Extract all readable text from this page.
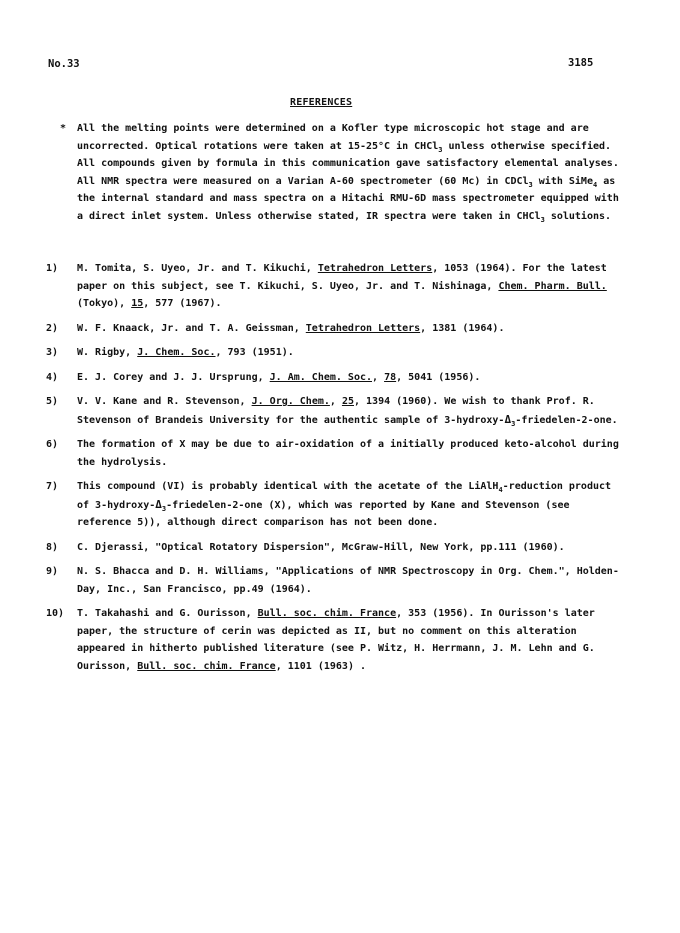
No.33	3185
REFERENCES
* All the melting points were determined on a Kofler type microscopic hot stage and are uncorrected. Optical rotations were taken at 15-25°C in CHCl$_3$ unless otherwise specified. All compounds given by formula in this communication gave satisfactory elemental analyses. All NMR spectra were measured on a Varian A-60 spectrometer (60 Mc) in CDCl$_3$ with SiMe$_4$ as the internal standard and mass spectra on a Hitachi RMU-6D mass spectrometer equipped with a direct inlet system. Unless otherwise stated, IR spectra were taken in CHCl$_3$ solutions.
1) M. Tomita, S. Uyeo, Jr. and T. Kikuchi, Tetrahedron Letters, 1053 (1964). For the latest paper on this subject, see T. Kikuchi, S. Uyeo, Jr. and T. Nishinaga, Chem. Pharm. Bull. (Tokyo), 15, 577 (1967).
2) W. F. Knaack, Jr. and T. A. Geissman, Tetrahedron Letters, 1381 (1964).
3) W. Rigby, J. Chem. Soc., 793 (1951).
4) E. J. Corey and J. J. Ursprung, J. Am. Chem. Soc., 78, 5041 (1956).
5) V. V. Kane and R. Stevenson, J. Org. Chem., 25, 1394 (1960). We wish to thank Prof. R. Stevenson of Brandeis University for the authentic sample of $3-hydroxy-\Delta_3-friedelen-2$-one.
6) The formation of X may be due to air-oxidation of a initially produced keto-alcohol during the hydrolysis.
7) This compound (VI) is probably identical with the acetate of the LiAlH$_4$-reduction product of $3-hydroxy-\Delta_3-friedelen-2$-one (X), which was reported by Kane and Stevenson (see reference 5)), although direct comparison has not been done.
8) C. Djerassi, "Optical Rotatory Dispersion", McGraw-Hill, New York, pp.111 (1960).
9) N. S. Bhacca and D. H. Williams, "Applications of NMR Spectroscopy in Org. Chem.", Holden-Day, Inc., San Francisco, pp.49 (1964).
10) T. Takahashi and G. Ourisson, Bull. soc. chim. France, 353 (1956). In Ourisson's later paper, the structure of cerin was depicted as II, but no comment on this alteration appeared in hitherto published literature (see P. Witz, H. Herrmann, J. M. Lehn and G. Ourisson, Bull. soc. chim. France, 1101 (1963) .
